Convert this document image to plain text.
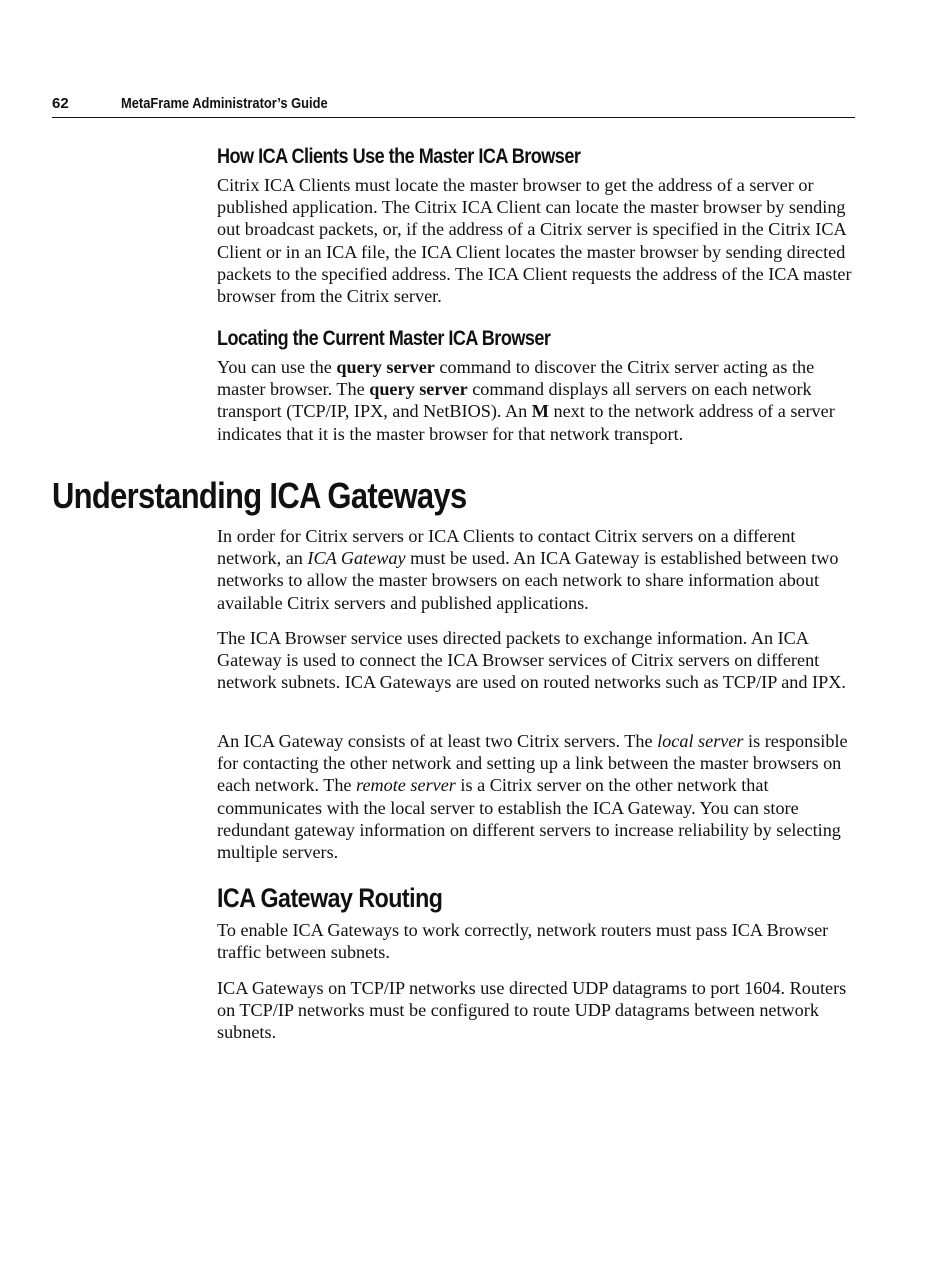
62	MetaFrame Administrator’s Guide
How ICA Clients Use the Master ICA Browser

Citrix ICA Clients must locate the master browser to get the address of a server or published application. The Citrix ICA Client can locate the master browser by sending out broadcast packets, or, if the address of a Citrix server is specified in the Citrix ICA Client or in an ICA file, the ICA Client locates the master browser by sending directed packets to the specified address. The ICA Client requests the address of the ICA master browser from the Citrix server.

Locating the Current Master ICA Browser

You can use the query server command to discover the Citrix server acting as the master browser. The query server command displays all servers on each network transport (TCP/IP, IPX, and NetBIOS). An M next to the network address of a server indicates that it is the master browser for that network transport.

Understanding ICA Gateways

In order for Citrix servers or ICA Clients to contact Citrix servers on a different network, an ICA Gateway must be used. An ICA Gateway is established between two networks to allow the master browsers on each network to share information about available Citrix servers and published applications.

The ICA Browser service uses directed packets to exchange information. An ICA Gateway is used to connect the ICA Browser services of Citrix servers on different network subnets. ICA Gateways are used on routed networks such as TCP/IP and IPX.

An ICA Gateway consists of at least two Citrix servers. The local server is responsible for contacting the other network and setting up a link between the master browsers on each network. The remote server is a Citrix server on the other network that communicates with the local server to establish the ICA Gateway. You can store redundant gateway information on different servers to increase reliability by selecting multiple servers.

ICA Gateway Routing

To enable ICA Gateways to work correctly, network routers must pass ICA Browser traffic between subnets.

ICA Gateways on TCP/IP networks use directed UDP datagrams to port 1604. Routers on TCP/IP networks must be configured to route UDP datagrams between network subnets.
